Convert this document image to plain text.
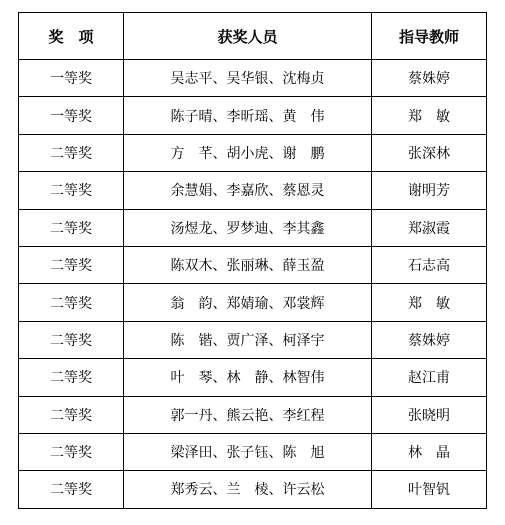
奖　项	获奖人员	指导教师
一等奖	吴志平、吴华银、沈梅贞	蔡姝婷
一等奖	陈子晴、李昕瑶、黄　伟	郑　敏
二等奖	方　芊、胡小虎、谢　鹏	张深林
二等奖	余慧娟、李嘉欣、蔡恩灵	谢明芳
二等奖	汤煜龙、罗梦迪、李其鑫	郑淑霞
二等奖	陈双木、张丽琳、薛玉盈	石志高
二等奖	翁　韵、郑婧瑜、邓裳辉	郑　敏
二等奖	陈　锴、贾广泽、柯泽宇	蔡姝婷
二等奖	叶　琴、林　静、林智伟	赵江甫
二等奖	郭一丹、熊云艳、李红程	张晓明
二等奖	梁泽田、张子钰、陈　旭	林　晶
二等奖	郑秀云、兰　棱、许云松	叶智钒
